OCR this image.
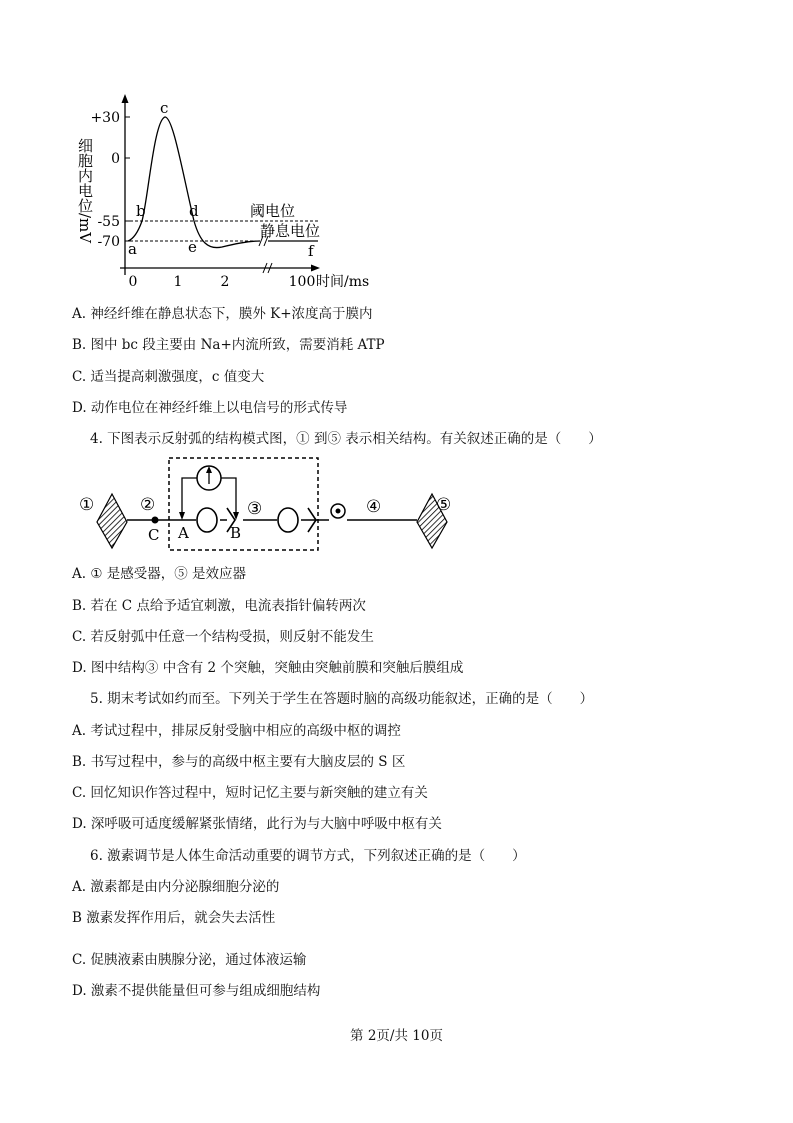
+30
0
-55
-70
细胞内电位/mV
0	1	2	100 时间/ms
a
b
c
d
e	f
阈电位
静息电位
A. 神经纤维在静息状态下，膜外 K+浓度高于膜内
B. 图中 bc 段主要由 Na+内流所致，需要消耗 ATP
C. 适当提高刺激强度，c 值变大
D. 动作电位在神经纤维上以电信号的形式传导
4. 下图表示反射弧的结构模式图，① 到⑤ 表示相关结构。有关叙述正确的是（　　）
①	②
C A	B
③	④	⑤
A. ① 是感受器，⑤ 是效应器
B. 若在 C 点给予适宜刺激，电流表指针偏转两次
C. 若反射弧中任意一个结构受损，则反射不能发生
D. 图中结构③ 中含有 2 个突触，突触由突触前膜和突触后膜组成
5. 期末考试如约而至。下列关于学生在答题时脑的高级功能叙述，正确的是（　　）
A. 考试过程中，排尿反射受脑中相应的高级中枢的调控
B. 书写过程中，参与的高级中枢主要有大脑皮层的 S 区
C. 回忆知识作答过程中，短时记忆主要与新突触的建立有关
D. 深呼吸可适度缓解紧张情绪，此行为与大脑中呼吸中枢有关
6. 激素调节是人体生命活动重要的调节方式，下列叙述正确的是（　　）
A. 激素都是由内分泌腺细胞分泌的
B 激素发挥作用后，就会失去活性
C. 促胰液素由胰腺分泌，通过体液运输
D. 激素不提供能量但可参与组成细胞结构
第 2页/共 10页
